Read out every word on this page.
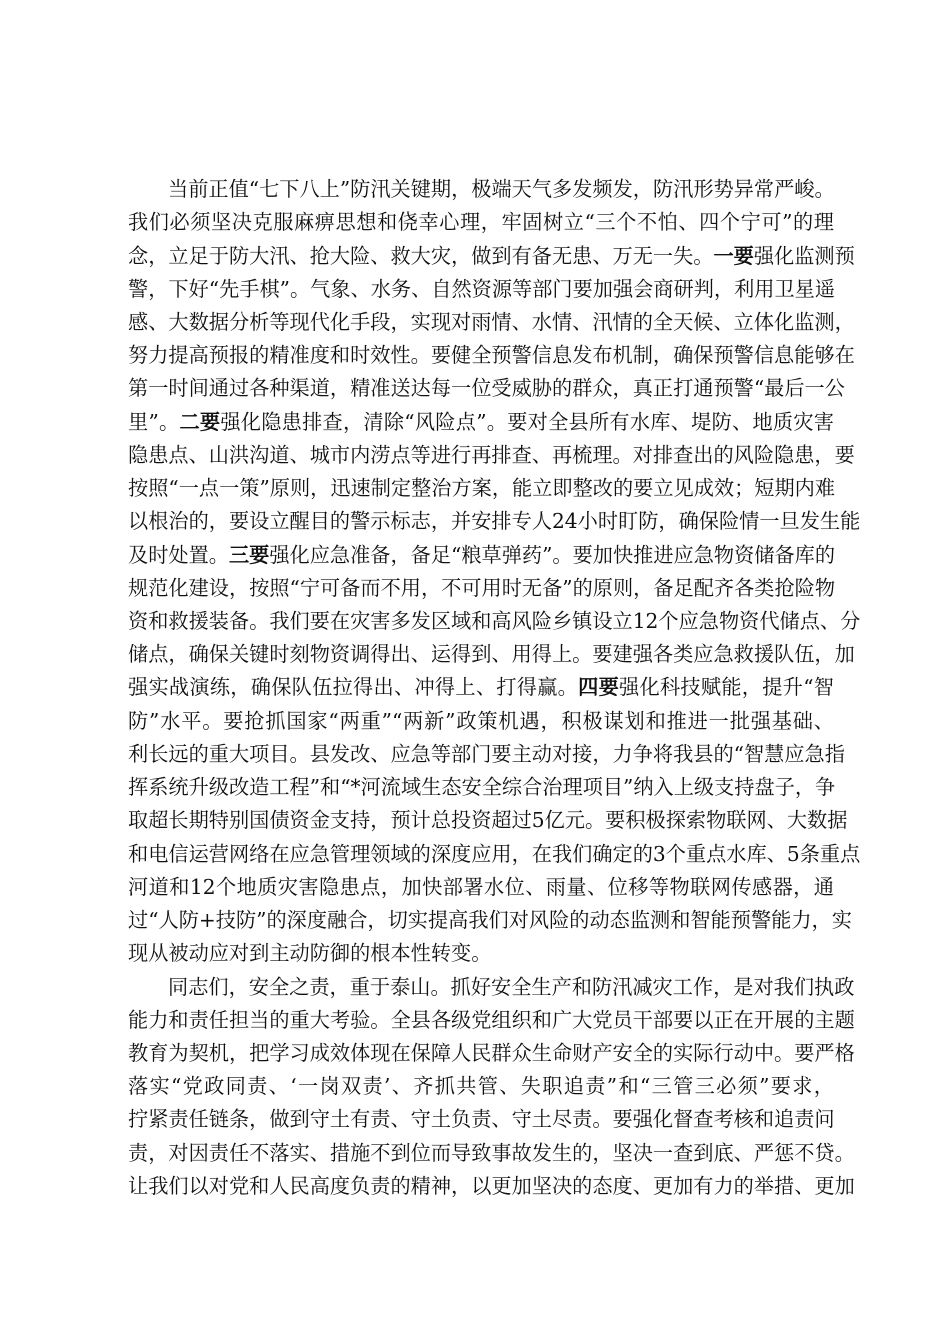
当前正值“七下八上”防汛关键期，极端天气多发频发，防汛形势异常严峻。

我们必须坚决克服麻痹思想和侥幸心理，牢固树立“三个不怕、四个宁可”的理

念，立足于防大汛、抢大险、救大灾，做到有备无患、万无一失。一要强化监测预

警，下好“先手棋”。气象、水务、自然资源等部门要加强会商研判，利用卫星遥

感、大数据分析等现代化手段，实现对雨情、水情、汛情的全天候、立体化监测，

努力提高预报的精准度和时效性。要健全预警信息发布机制，确保预警信息能够在

第一时间通过各种渠道，精准送达每一位受威胁的群众，真正打通预警“最后一公

里”。二要强化隐患排查，清除“风险点”。要对全县所有水库、堤防、地质灾害

隐患点、山洪沟道、城市内涝点等进行再排查、再梳理。对排查出的风险隐患，要

按照“一点一策”原则，迅速制定整治方案，能立即整改的要立见成效；短期内难

以根治的，要设立醒目的警示标志，并安排专人24小时盯防，确保险情一旦发生能

及时处置。三要强化应急准备，备足“粮草弹药”。要加快推进应急物资储备库的

规范化建设，按照“宁可备而不用，不可用时无备”的原则，备足配齐各类抢险物

资和救援装备。我们要在灾害多发区域和高风险乡镇设立12个应急物资代储点、分

储点，确保关键时刻物资调得出、运得到、用得上。要建强各类应急救援队伍，加

强实战演练，确保队伍拉得出、冲得上、打得赢。四要强化科技赋能，提升“智

防”水平。要抢抓国家“两重”“两新”政策机遇，积极谋划和推进一批强基础、

利长远的重大项目。县发改、应急等部门要主动对接，力争将我县的“智慧应急指

挥系统升级改造工程”和“*河流域生态安全综合治理项目”纳入上级支持盘子，争

取超长期特别国债资金支持，预计总投资超过5亿元。要积极探索物联网、大数据

和电信运营网络在应急管理领域的深度应用，在我们确定的3个重点水库、5条重点

河道和12个地质灾害隐患点，加快部署水位、雨量、位移等物联网传感器，通

过“人防+技防”的深度融合，切实提高我们对风险的动态监测和智能预警能力，实

现从被动应对到主动防御的根本性转变。

同志们，安全之责，重于泰山。抓好安全生产和防汛减灾工作，是对我们执政

能力和责任担当的重大考验。全县各级党组织和广大党员干部要以正在开展的主题

教育为契机，把学习成效体现在保障人民群众生命财产安全的实际行动中。要严格

落实“党政同责、‘一岗双责’、齐抓共管、失职追责”和“三管三必须”要求，

拧紧责任链条，做到守土有责、守土负责、守土尽责。要强化督查考核和追责问

责，对因责任不落实、措施不到位而导致事故发生的，坚决一查到底、严惩不贷。

让我们以对党和人民高度负责的精神，以更加坚决的态度、更加有力的举措、更加
